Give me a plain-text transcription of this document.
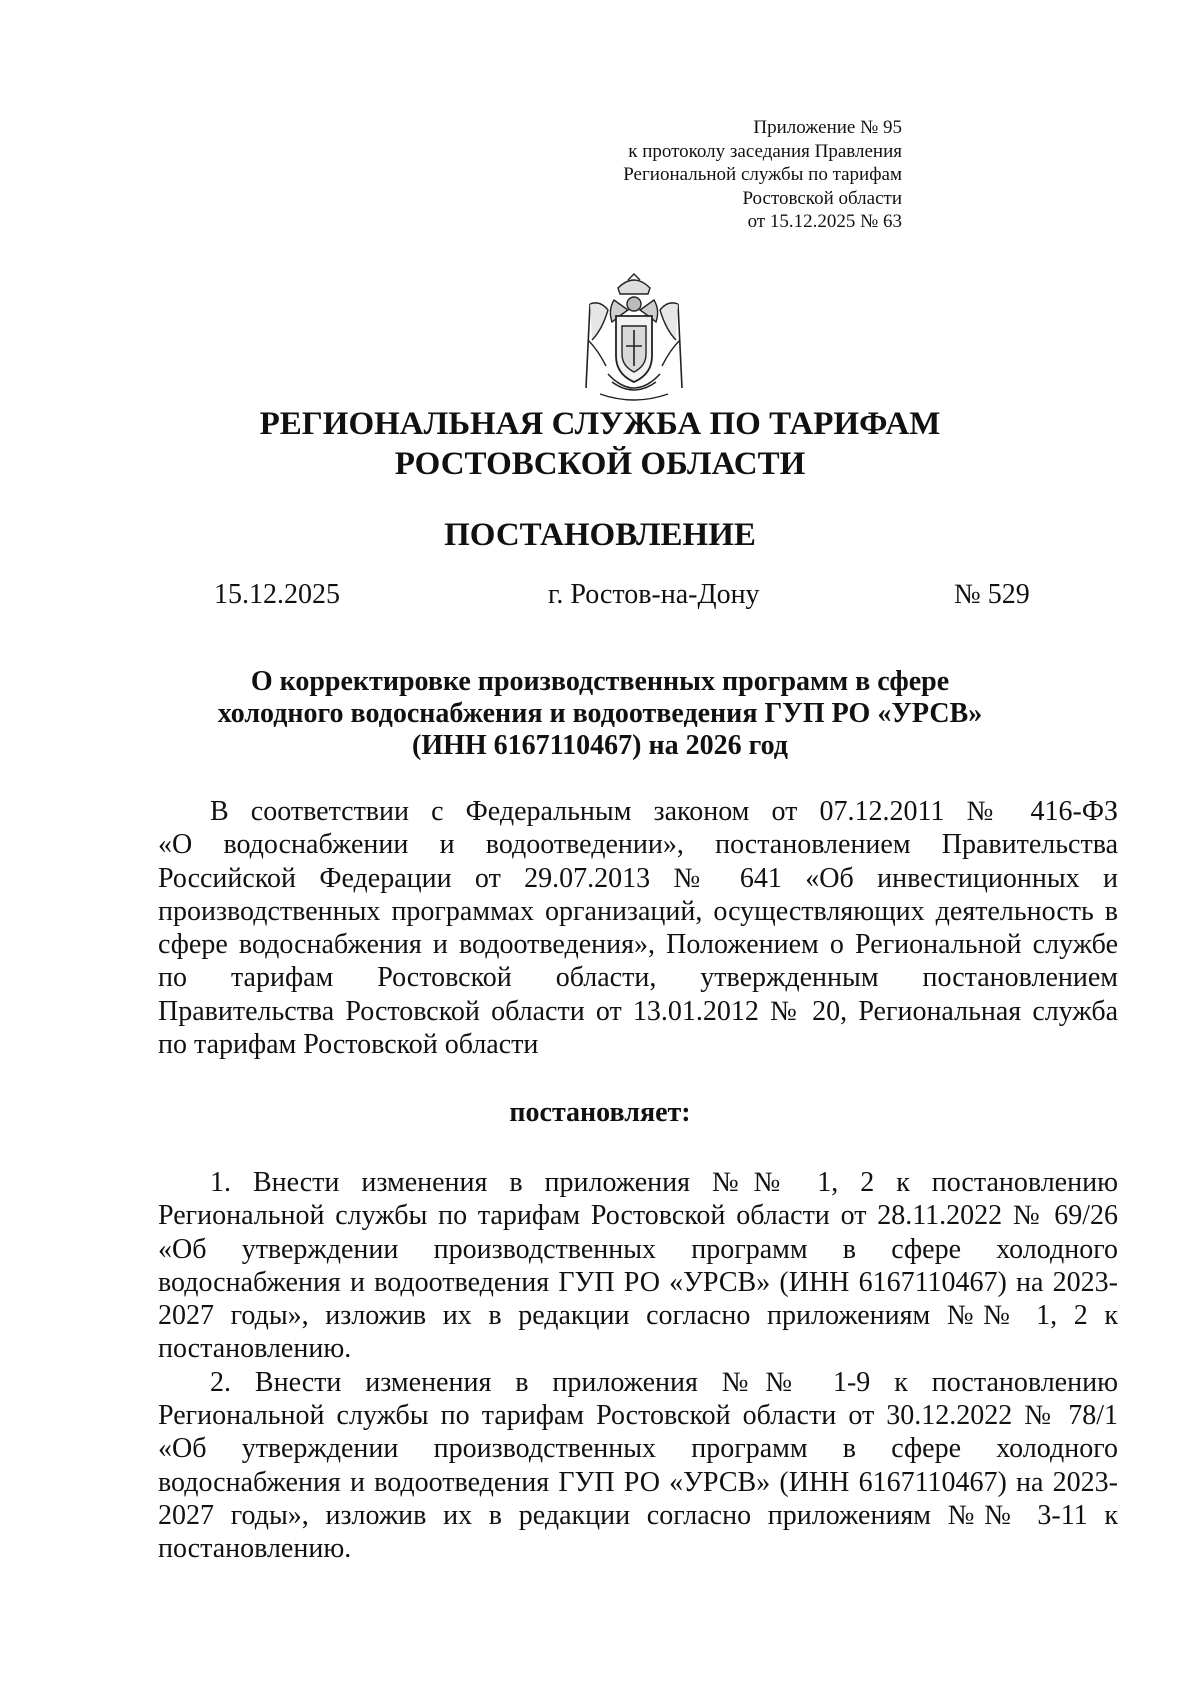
Приложение № 95
к протоколу заседания Правления
Региональной службы по тарифам
Ростовской области
от 15.12.2025 № 63
РЕГИОНАЛЬНАЯ СЛУЖБА ПО ТАРИФАМ
РОСТОВСКОЙ ОБЛАСТИ
ПОСТАНОВЛЕНИЕ
15.12.2025	г. Ростов-на-Дону	№ 529
О корректировке производственных программ в сфере
холодного водоснабжения и водоотведения ГУП РО «УРСВ»
(ИНН 6167110467) на 2026 год
В соответствии с Федеральным законом от 07.12.2011 № 416-ФЗ
«О водоснабжении и водоотведении», постановлением Правительства
Российской Федерации от 29.07.2013 № 641 «Об инвестиционных и
производственных программах организаций, осуществляющих деятельность в
сфере водоснабжения и водоотведения», Положением о Региональной службе
по тарифам Ростовской области, утвержденным постановлением
Правительства Ростовской области от 13.01.2012 № 20, Региональная служба
по тарифам Ростовской области
постановляет:
1. Внести изменения в приложения №№ 1, 2 к постановлению
Региональной службы по тарифам Ростовской области от 28.11.2022 № 69/26
«Об утверждении производственных программ в сфере холодного
водоснабжения и водоотведения ГУП РО «УРСВ» (ИНН 6167110467) на 2023-
2027 годы», изложив их в редакции согласно приложениям №№ 1, 2 к
постановлению.
2. Внести изменения в приложения №№ 1-9 к постановлению
Региональной службы по тарифам Ростовской области от 30.12.2022 № 78/1
«Об утверждении производственных программ в сфере холодного
водоснабжения и водоотведения ГУП РО «УРСВ» (ИНН 6167110467) на 2023-
2027 годы», изложив их в редакции согласно приложениям №№ 3-11 к
постановлению.
